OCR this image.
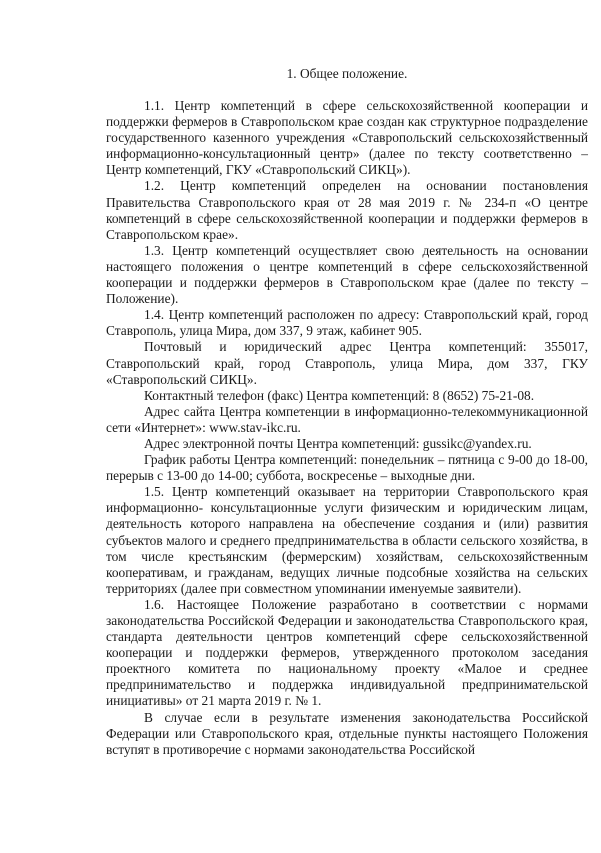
1. Общее положение.

1.1. Центр компетенций в сфере сельскохозяйственной кооперации и поддержки фермеров в Ставропольском крае создан как структурное подразделение государственного казенного учреждения «Ставропольский сельскохозяйственный информационно-консультационный центр» (далее по тексту соответственно – Центр компетенций, ГКУ «Ставропольский СИКЦ»).

1.2. Центр компетенций определен на основании постановления Правительства Ставропольского края от 28 мая 2019 г. № 234-п «О центре компетенций в сфере сельскохозяйственной кооперации и поддержки фермеров в Ставропольском крае».

1.3. Центр компетенций осуществляет свою деятельность на основании настоящего положения о центре компетенций в сфере сельскохозяйственной кооперации и поддержки фермеров в Ставропольском крае (далее по тексту – Положение).

1.4. Центр компетенций расположен по адресу: Ставропольский край, город Ставрополь, улица Мира, дом 337, 9 этаж, кабинет 905.

Почтовый и юридический адрес Центра компетенций: 355017, Ставропольский край, город Ставрополь, улица Мира, дом 337, ГКУ «Ставропольский СИКЦ».

Контактный телефон (факс) Центра компетенций: 8 (8652) 75-21-08.

Адрес сайта Центра компетенции в информационно-телекоммуникационной сети «Интернет»: www.stav-ikc.ru.

Адрес электронной почты Центра компетенций: gussikc@yandex.ru.

График работы Центра компетенций: понедельник – пятница с 9-00 до 18-00, перерыв с 13-00 до 14-00; суббота, воскресенье – выходные дни.

1.5. Центр компетенций оказывает на территории Ставропольского края информационно- консультационные услуги физическим и юридическим лицам, деятельность которого направлена на обеспечение создания и (или) развития субъектов малого и среднего предпринимательства в области сельского хозяйства, в том числе крестьянским (фермерским) хозяйствам, сельскохозяйственным кооперативам, и гражданам, ведущих личные подсобные хозяйства на сельских территориях (далее при совместном упоминании именуемые заявители).

1.6. Настоящее Положение разработано в соответствии с нормами законодательства Российской Федерации и законодательства Ставропольского края, стандарта деятельности центров компетенций сфере сельскохозяйственной кооперации и поддержки фермеров, утвержденного протоколом заседания проектного комитета по национальному проекту «Малое и среднее предпринимательство и поддержка индивидуальной предпринимательской инициативы» от 21 марта 2019 г. № 1.

В случае если в результате изменения законодательства Российской Федерации или Ставропольского края, отдельные пункты настоящего Положения вступят в противоречие с нормами законодательства Российской
